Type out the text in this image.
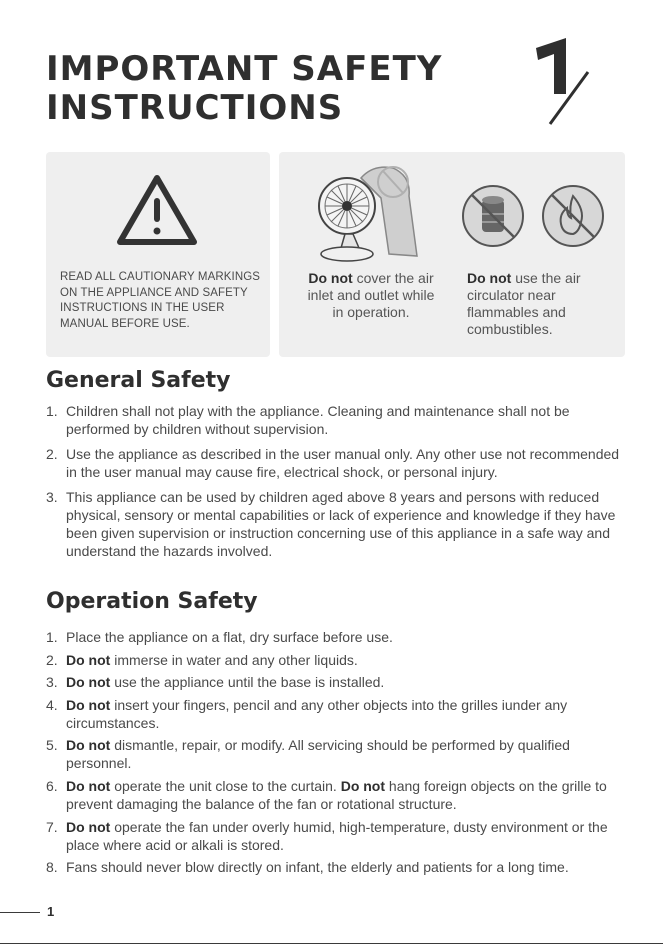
IMPORTANT SAFETY
INSTRUCTIONS
READ ALL CAUTIONARY MARKINGS ON THE APPLIANCE AND SAFETY INSTRUCTIONS IN THE USER MANUAL BEFORE USE.
Do not cover the air inlet and outlet while in operation.
Do not use the air circulator near flammables and combustibles.
General Safety
1. Children shall not play with the appliance. Cleaning and maintenance shall not be performed by children without supervision.
2. Use the appliance as described in the user manual only. Any other use not recommended in the user manual may cause fire, electrical shock, or personal injury.
3. This appliance can be used by children aged above 8 years and persons with reduced physical, sensory or mental capabilities or lack of experience and knowledge if they have been given supervision or instruction concerning use of this appliance in a safe way and understand the hazards involved.
Operation Safety
1. Place the appliance on a flat, dry surface before use.
2. Do not immerse in water and any other liquids.
3. Do not use the appliance until the base is installed.
4. Do not insert your fingers, pencil and any other objects into the grilles iunder any circumstances.
5. Do not dismantle, repair, or modify. All servicing should be performed by qualified personnel.
6. Do not operate the unit close to the curtain. Do not hang foreign objects on the grille to prevent damaging the balance of the fan or rotational structure.
7. Do not operate the fan under overly humid, high-temperature, dusty environment or the place where acid or alkali is stored.
8. Fans should never blow directly on infant, the elderly and patients for a long time.
1
